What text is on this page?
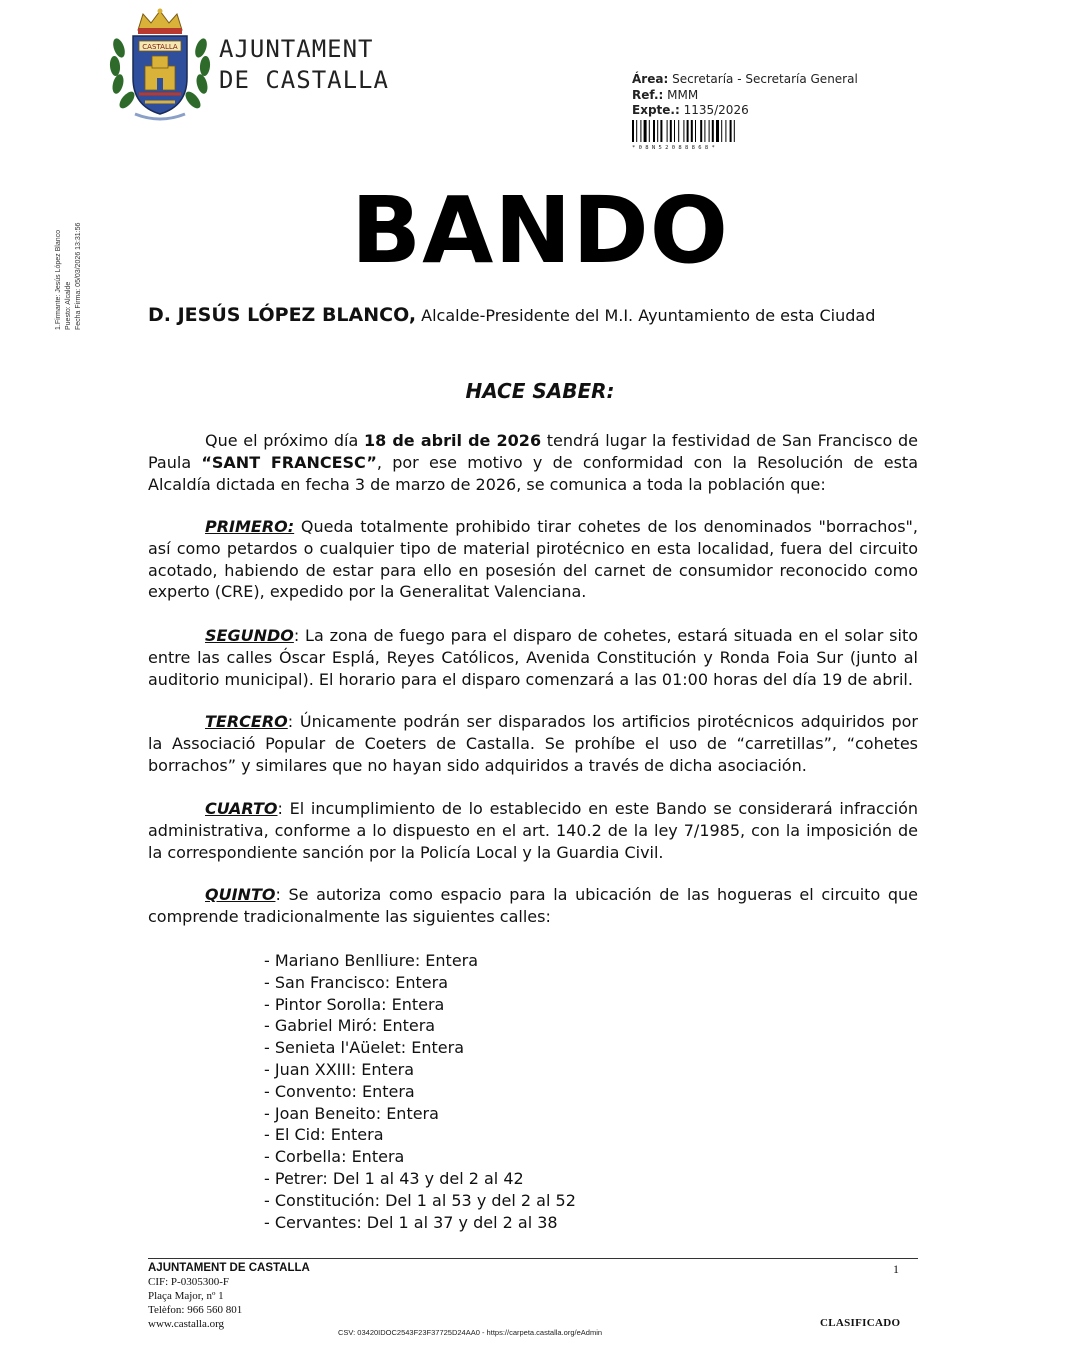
CASTALLA AJUNTAMENT
DE CASTALLA	Área: Secretaría - Secretaría General
Ref.: MMM
Expte.: 1135/2026
* 0 8 N 5 2 0 8 8 8 6 8 *
1.Firmante: Jesús López Blanco Puesto: Alcalde Fecha Firma: 05/03/2026 13:31:56	BANDO
D. JESÚS LÓPEZ BLANCO, Alcalde-Presidente del M.I. Ayuntamiento de esta Ciudad
HACE SABER:
Que el próximo día 18 de abril de 2026 tendrá lugar la festividad de San Francisco de Paula “SANT FRANCESC”, por ese motivo y de conformidad con la Resolución de esta Alcaldía dictada en fecha 3 de marzo de 2026, se comunica a toda la población que:
PRIMERO: Queda totalmente prohibido tirar cohetes de los denominados "borrachos", así como petardos o cualquier tipo de material pirotécnico en esta localidad, fuera del circuito acotado, habiendo de estar para ello en posesión del carnet de consumidor reconocido como experto (CRE), expedido por la Generalitat Valenciana.
SEGUNDO: La zona de fuego para el disparo de cohetes, estará situada en el solar sito entre las calles Óscar Esplá, Reyes Católicos, Avenida Constitución y Ronda Foia Sur (junto al auditorio municipal). El horario para el disparo comenzará a las 01:00 horas del día 19 de abril.
TERCERO: Únicamente podrán ser disparados los artificios pirotécnicos adquiridos por la Associació Popular de Coeters de Castalla. Se prohíbe el uso de “carretillas”, “cohetes borrachos” y similares que no hayan sido adquiridos a través de dicha asociación.
CUARTO: El incumplimiento de lo establecido en este Bando se considerará infracción administrativa, conforme a lo dispuesto en el art. 140.2 de la ley 7/1985, con la imposición de la correspondiente sanción por la Policía Local y la Guardia Civil.
QUINTO: Se autoriza como espacio para la ubicación de las hogueras el circuito que comprende tradicionalmente las siguientes calles:
- Mariano Benlliure: Entera
- San Francisco: Entera
- Pintor Sorolla: Entera
- Gabriel Miró: Entera
- Senieta l'Aüelet: Entera
- Juan XXIII: Entera
- Convento: Entera
- Joan Beneito: Entera
- El Cid: Entera
- Corbella: Entera
- Petrer: Del 1 al 43 y del 2 al 42
- Constitución: Del 1 al 53 y del 2 al 52
- Cervantes: Del 1 al 37 y del 2 al 38
AJUNTAMENT DE CASTALLA
CIF: P-0305300-F
Plaça Major, nº 1
Telèfon: 966 560 801
www.castalla.org
1
CLASIFICADO
CSV: 03420IDOC2543F23F37725D24AA0 - https://carpeta.castalla.org/eAdmin
